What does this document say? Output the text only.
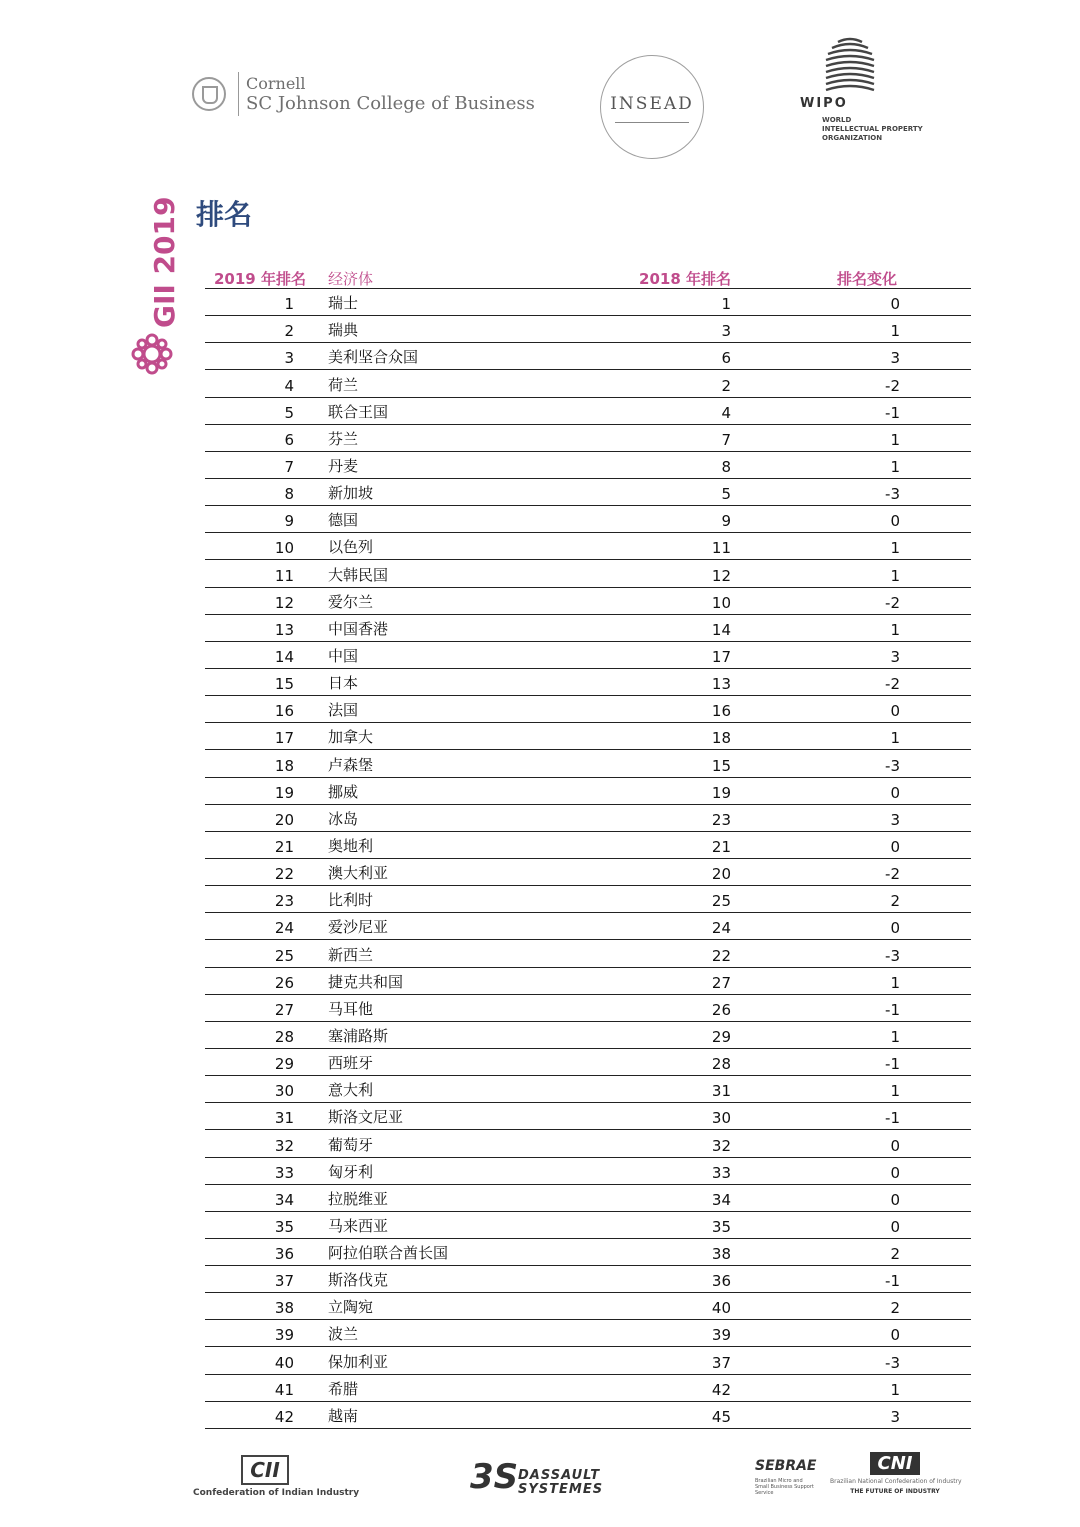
Cornell
SC Johnson College of Business	INSEAD	WIPO
WORLD
INTELLECTUAL PROPERTY
ORGANIZATION
GII 2019 排名
2019 年排名 经济体	2018 年排名	排名变化
1 瑞士	1	0
2 瑞典	3	1
3 美利坚合众国	6	3
4 荷兰	2	-2
5 联合王国	4	-1
6 芬兰	7	1
7 丹麦	8	1
8 新加坡	5	-3
9 德国	9	0
10 以色列	11	1
11 大韩民国	12	1
12 爱尔兰	10	-2
13 中国香港	14	1
14 中国	17	3
15 日本	13	-2
16 法国	16	0
17 加拿大	18	1
18 卢森堡	15	-3
19 挪威	19	0
20 冰岛	23	3
21 奥地利	21	0
22 澳大利亚	20	-2
23 比利时	25	2
24 爱沙尼亚	24	0
25 新西兰	22	-3
26 捷克共和国	27	1
27 马耳他	26	-1
28 塞浦路斯	29	1
29 西班牙	28	-1
30 意大利	31	1
31 斯洛文尼亚	30	-1
32 葡萄牙	32	0
33 匈牙利	33	0
34 拉脱维亚	34	0
35 马来西亚	35	0
36 阿拉伯联合酋长国	38	2
37 斯洛伐克	36	-1
38 立陶宛	40	2
39 波兰	39	0
40 保加利亚	37	-3
41 希腊	42	1
42 越南	45	3
CII
Confederation of Indian Industry	3S DASSAULT
SYSTEMES
SEBRAE
Brazilian Micro and Small Business Support Service
CNI
Brazilian National Confederation of Industry
THE FUTURE OF INDUSTRY
